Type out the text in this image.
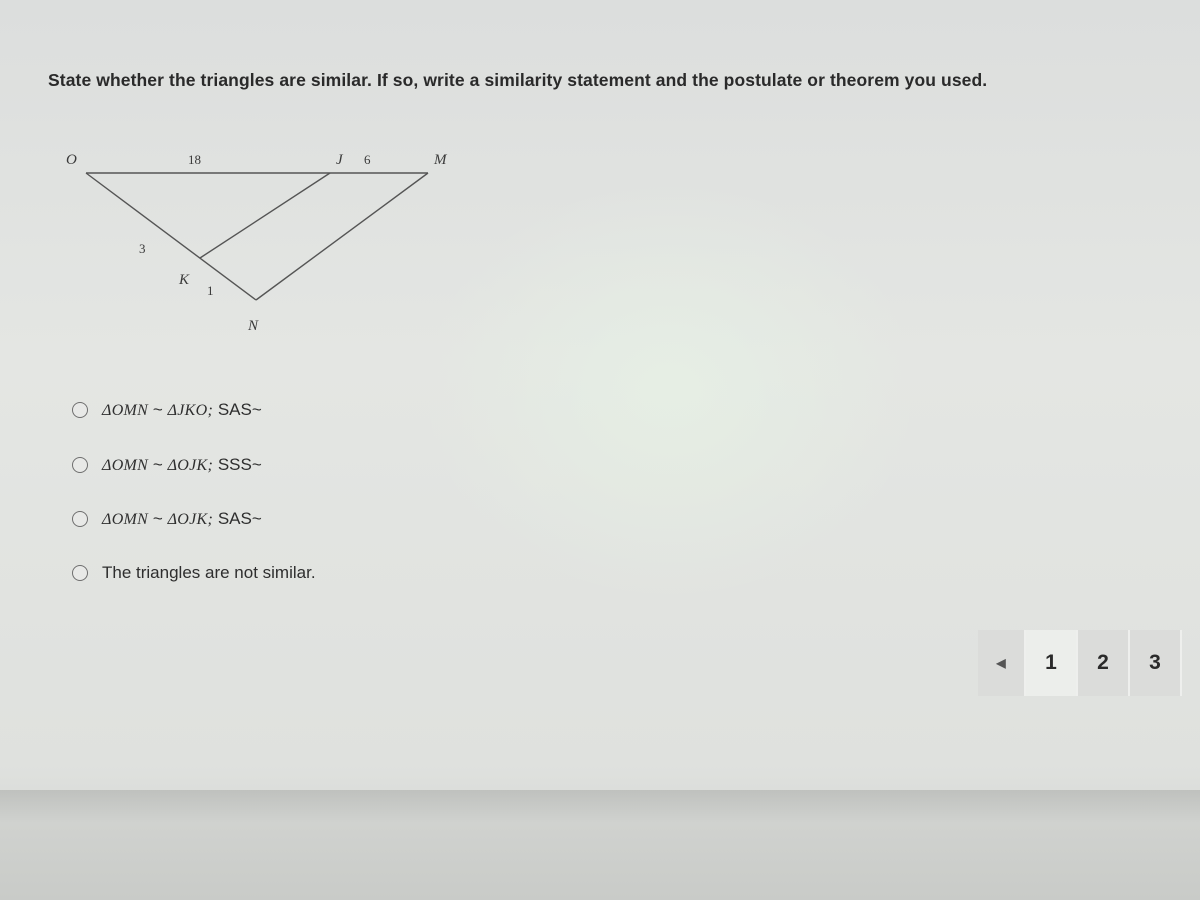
State whether the triangles are similar. If so, write a similarity statement and the postulate or theorem you used.
O	J	M
K
N
18	6
3
1
ΔOMN ~ ΔJKO; SAS~
ΔOMN ~ ΔOJK; SSS~
ΔOMN ~ ΔOJK; SAS~
The triangles are not similar.
◀	1	2	3
